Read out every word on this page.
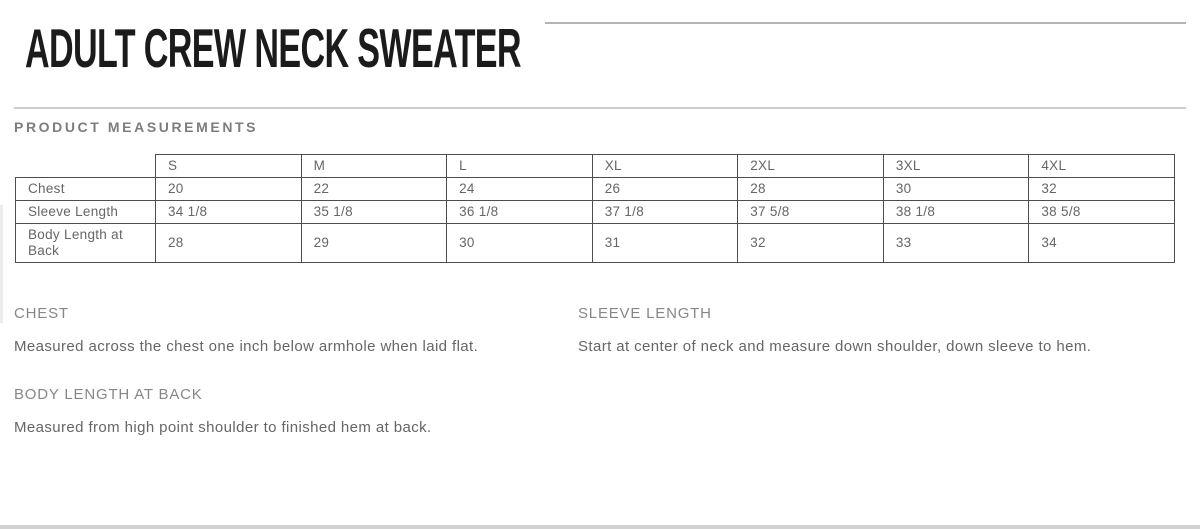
ADULT CREW NECK SWEATER
PRODUCT MEASUREMENTS
	S	M	L	XL	2XL	3XL	4XL
Chest	20	22	24	26	28	30	32
Sleeve Length	34 1/8	35 1/8	36 1/8	37 1/8	37 5/8	38 1/8	38 5/8
Body Length at Back	28	29	30	31	32	33	34
CHEST

Measured across the chest one inch below armhole when laid flat.

SLEEVE LENGTH

Start at center of neck and measure down shoulder, down sleeve to hem.

BODY LENGTH AT BACK

Measured from high point shoulder to finished hem at back.
